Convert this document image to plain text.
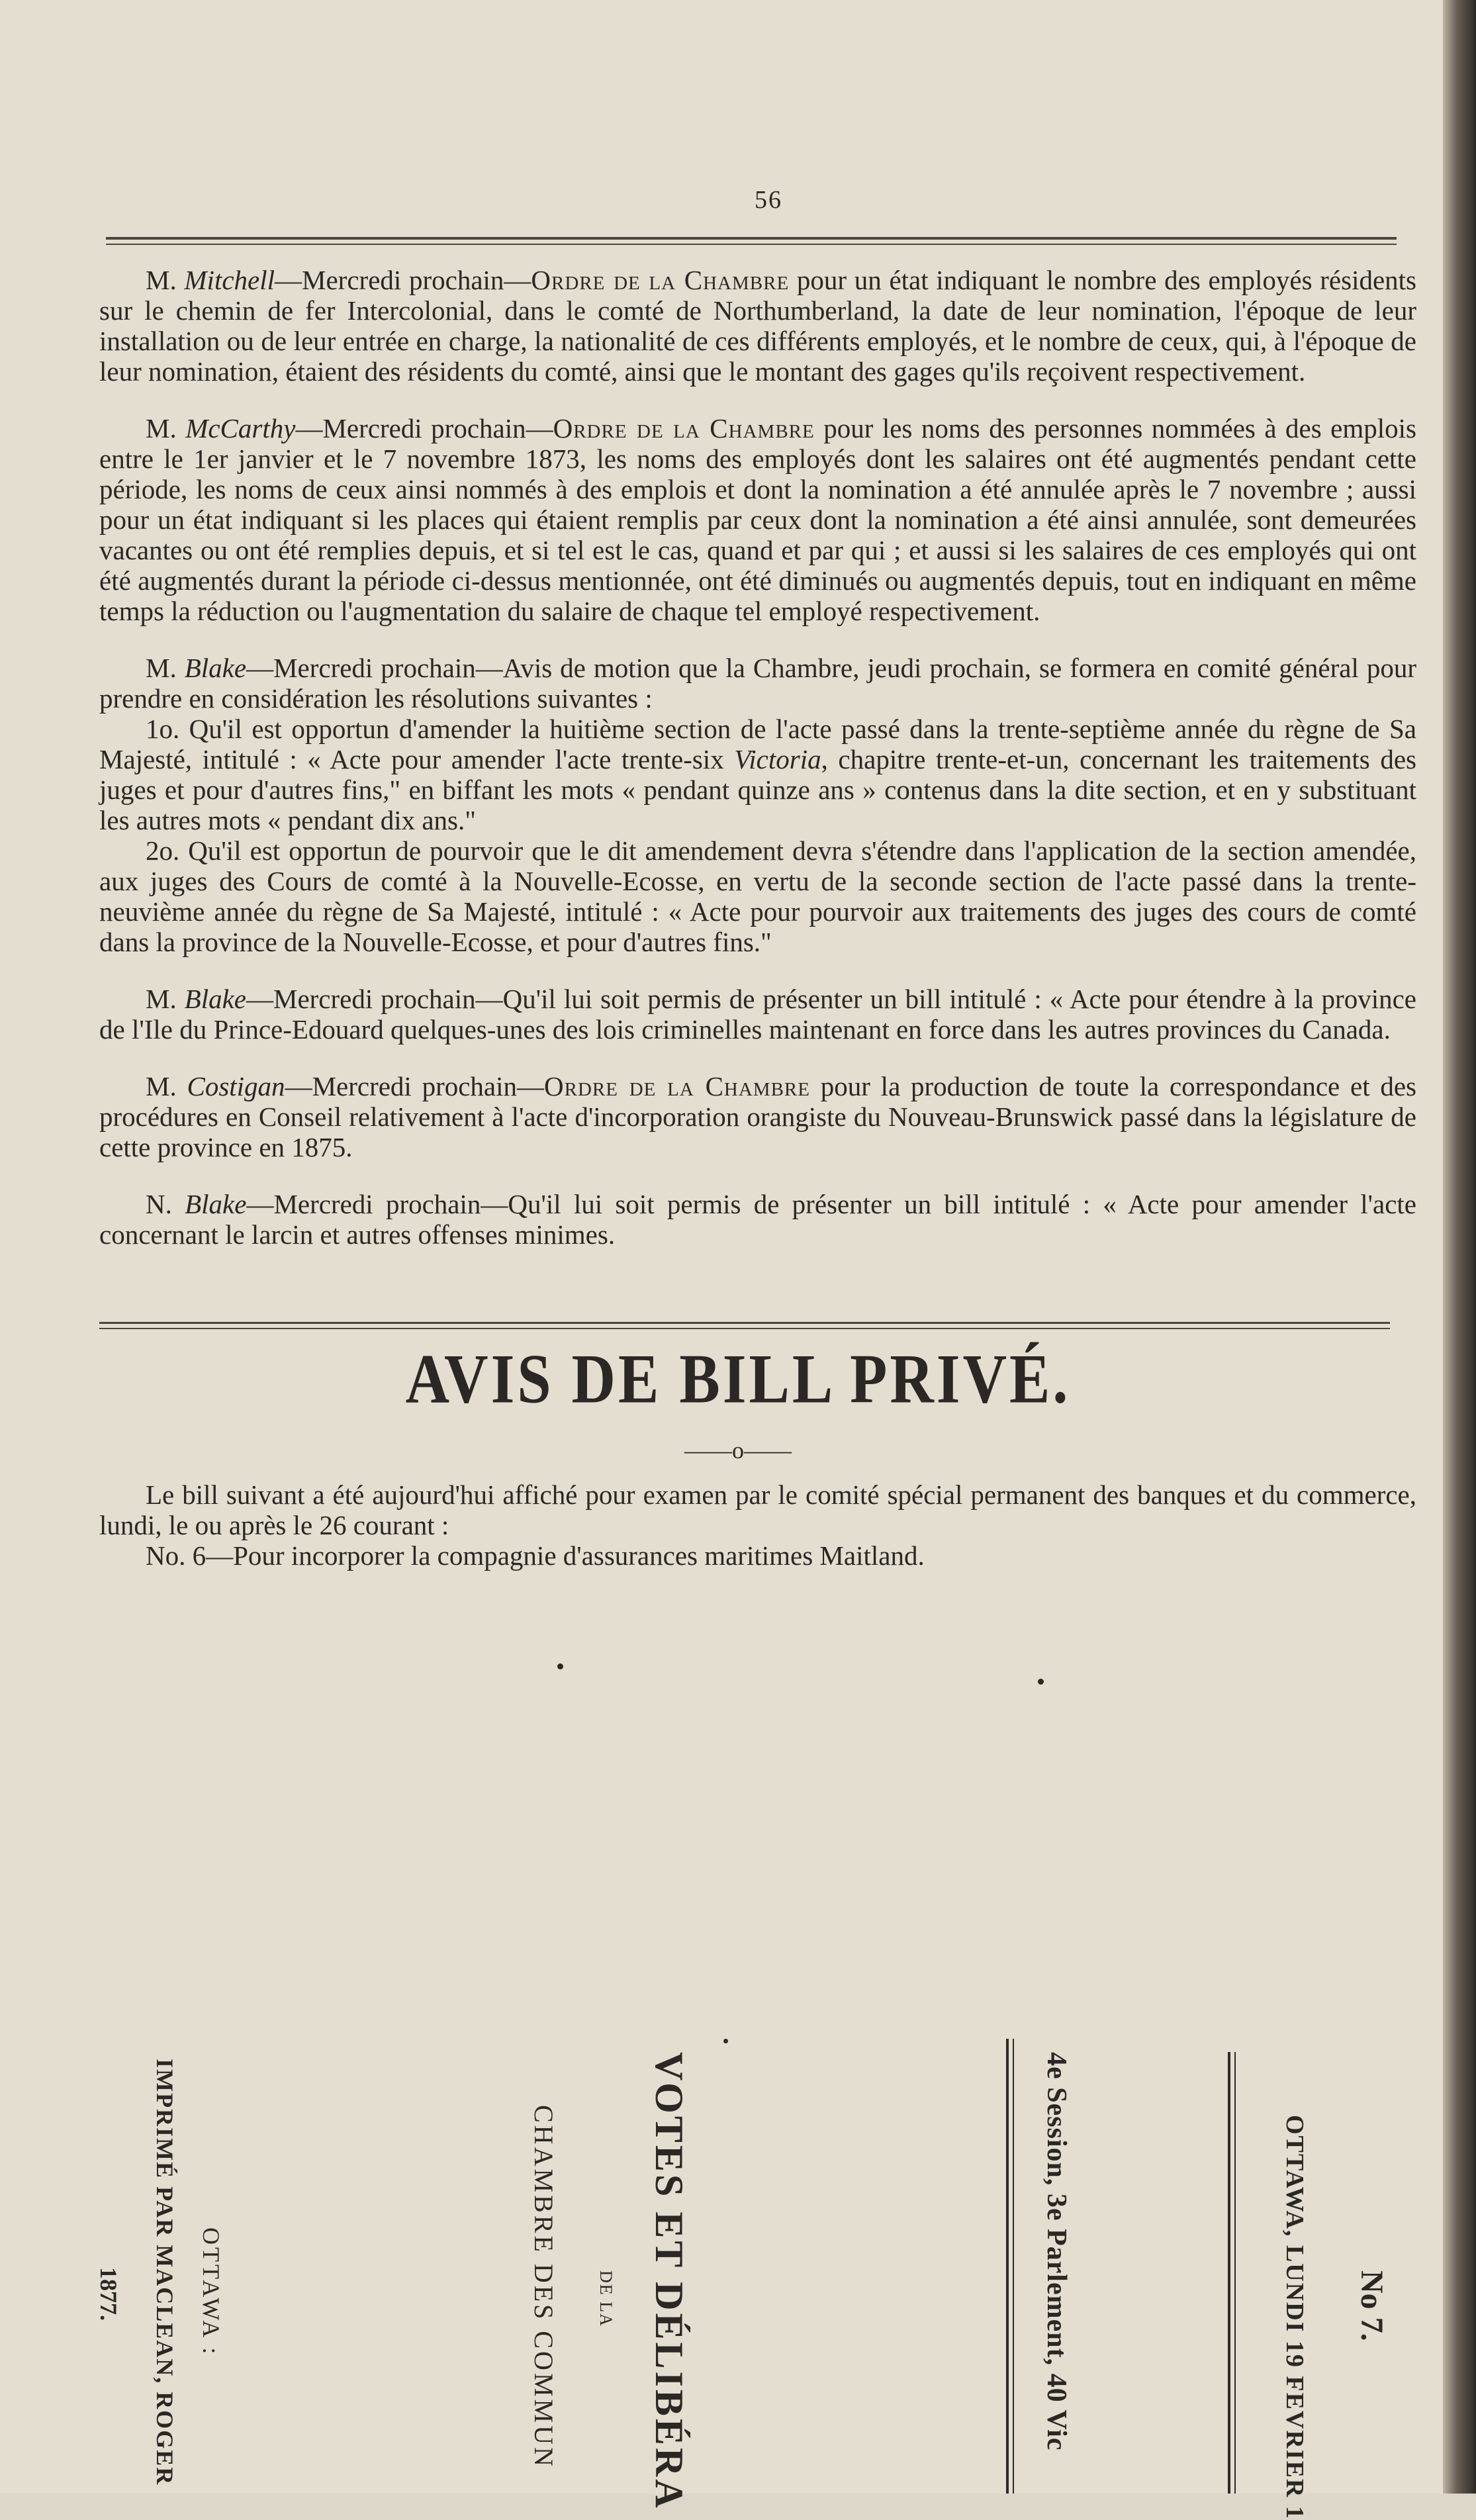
56

M. Mitchell—Mercredi prochain—Ordre de la Chambre pour un état indiquant le nombre des employés résidents sur le chemin de fer Intercolonial, dans le comté de Northumberland, la date de leur nomination, l'époque de leur installation ou de leur entrée en charge, la nationalité de ces différents employés, et le nombre de ceux, qui, à l'époque de leur nomination, étaient des résidents du comté, ainsi que le montant des gages qu'ils reçoivent respectivement.

M. McCarthy—Mercredi prochain—Ordre de la Chambre pour les noms des personnes nommées à des emplois entre le 1er janvier et le 7 novembre 1873, les noms des employés dont les salaires ont été augmentés pendant cette période, les noms de ceux ainsi nommés à des emplois et dont la nomination a été annulée après le 7 novembre ; aussi pour un état indiquant si les places qui étaient remplis par ceux dont la nomination a été ainsi annulée, sont demeurées vacantes ou ont été remplies depuis, et si tel est le cas, quand et par qui ; et aussi si les salaires de ces employés qui ont été augmentés durant la période ci-dessus mentionnée, ont été diminués ou augmentés depuis, tout en indiquant en même temps la réduction ou l'augmentation du salaire de chaque tel employé respectivement.

M. Blake—Mercredi prochain—Avis de motion que la Chambre, jeudi prochain, se formera en comité général pour prendre en considération les résolutions suivantes :

1o. Qu'il est opportun d'amender la huitième section de l'acte passé dans la trente-septième année du règne de Sa Majesté, intitulé : « Acte pour amender l'acte trente-six Victoria, chapitre trente-et-un, concernant les traitements des juges et pour d'autres fins," en biffant les mots « pendant quinze ans » contenus dans la dite section, et en y substituant les autres mots « pendant dix ans."

2o. Qu'il est opportun de pourvoir que le dit amendement devra s'étendre dans l'application de la section amendée, aux juges des Cours de comté à la Nouvelle-Ecosse, en vertu de la seconde section de l'acte passé dans la trente-neuvième année du règne de Sa Majesté, intitulé : « Acte pour pourvoir aux traitements des juges des cours de comté dans la province de la Nouvelle-Ecosse, et pour d'autres fins."

M. Blake—Mercredi prochain—Qu'il lui soit permis de présenter un bill intitulé : « Acte pour étendre à la province de l'Ile du Prince-Edouard quelques-unes des lois criminelles maintenant en force dans les autres provinces du Canada.

M. Costigan—Mercredi prochain—Ordre de la Chambre pour la production de toute la correspondance et des procédures en Conseil relativement à l'acte d'incorporation orangiste du Nouveau-Brunswick passé dans la législature de cette province en 1875.

N. Blake—Mercredi prochain—Qu'il lui soit permis de présenter un bill intitulé : « Acte pour amender l'acte concernant le larcin et autres offenses minimes.

AVIS DE BILL PRIVÉ.
——o——

Le bill suivant a été aujourd'hui affiché pour examen par le comité spécial permanent des banques et du commerce, lundi, le ou après le 26 courant :

No. 6—Pour incorporer la compagnie d'assurances maritimes Maitland.

No 7.
OTTAWA, LUNDI 19 FEVRIER 1
4e Session, 3e Parlement, 40 Vic
VOTES ET DÉLIBÉRA
DE LA
CHAMBRE DES COMMUN
OTTAWA :
IMPRIMÉ PAR MACLEAN, ROGER
1877.
